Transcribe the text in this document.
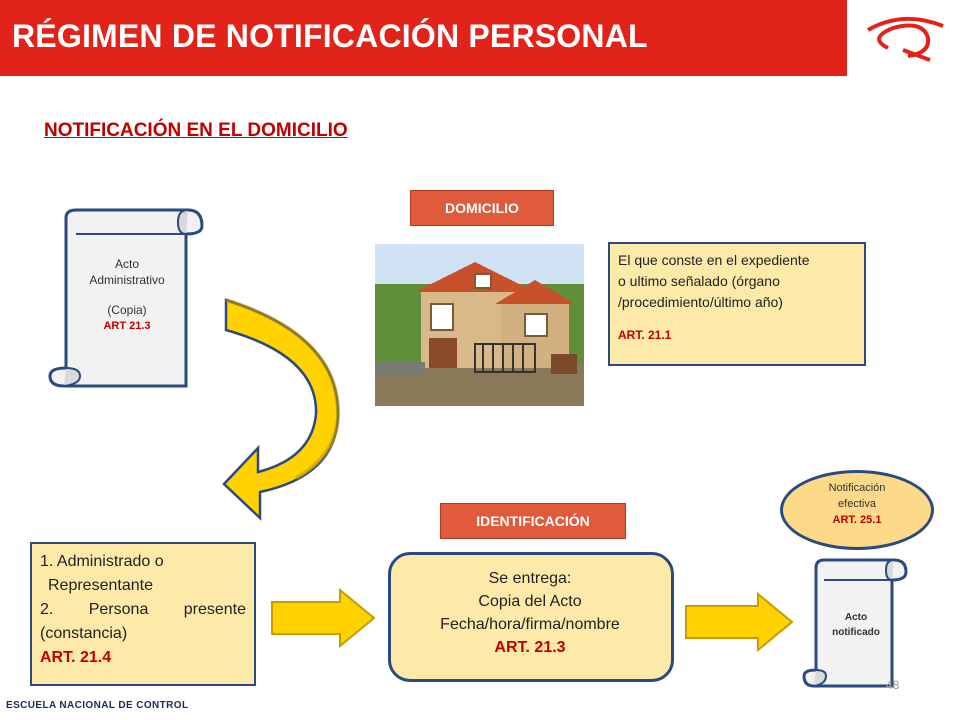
RÉGIMEN DE NOTIFICACIÓN PERSONAL
NOTIFICACIÓN EN EL DOMICILIO
Acto
Administrativo
(Copia)
ART 21.3
DOMICILIO
El que conste en el expediente
o ultimo señalado (órgano
/procedimiento/último año)
ART. 21.1
1. Administrado o
Representante
2. Persona presente
(constancia)
ART. 21.4
IDENTIFICACIÓN
Se entrega:
Copia del Acto
Fecha/hora/firma/nombre
ART. 21.3
Notificación
efectiva
ART. 25.1
Acto
notificado
ESCUELA NACIONAL DE CONTROL
48
